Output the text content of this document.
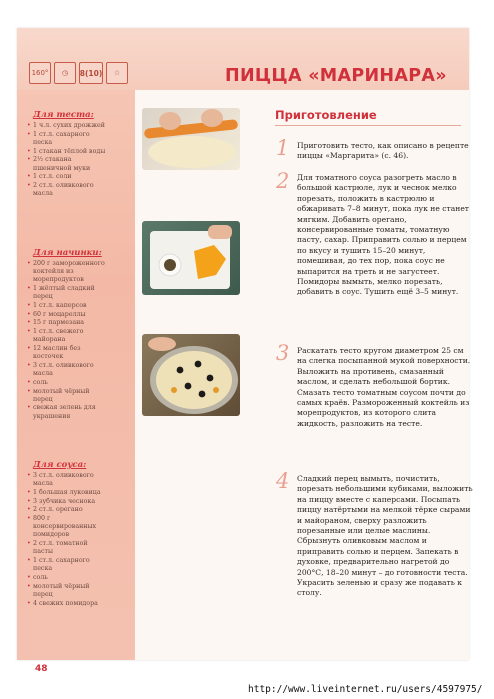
160°	◷	8(10)	☆	ПИЦЦА «МАРИНАРА»
Для теста:
• 1 ч.л. сухих дрожжей
• 1 ст.л. сахарного песка
• 1 стакан тёплой воды
• 2½ стакана пшеничной муки
• 1 ст.л. соли
• 2 ст.л. оливкового масла
Для начинки:
• 200 г замороженного коктейля из морепродуктов
• 1 жёлтый сладкий перец
• 1 ст.л. каперсов
• 60 г моцареллы
• 15 г пармезана
• 1 ст.л. свежего майорана
• 12 маслин без косточек
• 3 ст.л. оливкового масла
• соль
• молотый чёрный перец
• свежая зелень для украшения
Для соуса:
• 3 ст.л. оливкового масла
• 1 большая луковица
• 3 зубчика чеснока
• 2 ст.л. орегано
• 800 г консервированных помидоров
• 2 ст.л. томатной пасты
• 1 ст.л. сахарного песка
• соль
• молотый чёрный перец
• 4 свежих помидора
Приготовление
1 Приготовить тесто, как описано в рецепте пиццы «Маргарита» (с. 46).
2 Для томатного соуса разогреть масло в большой кастрюле, лук и чеснок мелко порезать, положить в кастрюлю и обжаривать 7–8 минут, пока лук не станет мягким. Добавить орегано, консервированные томаты, томатную пасту, сахар. Приправить солью и перцем по вкусу и тушить 15–20 минут, помешивая, до тех пор, пока соус не выпарится на треть и не загустеет. Помидоры вымыть, мелко порезать, добавить в соус. Тушить ещё 3–5 минут.
3 Раскатать тесто кругом диаметром 25 см на слегка посыпанной мукой поверхности. Выложить на противень, смазанный маслом, и сделать небольшой бортик. Смазать тесто томатным соусом почти до самых краёв. Размороженный коктейль из морепродуктов, из которого слита жидкость, разложить на тесте.
4 Сладкий перец вымыть, почистить, порезать небольшими кубиками, выложить на пиццу вместе с каперсами. Посыпать пиццу натёртыми на мелкой тёрке сырами и майораном, сверху разложить порезанные или целые маслины. Сбрызнуть оливковым маслом и приправить солью и перцем. Запекать в духовке, предварительно нагретой до 200°С, 18–20 минут – до готовности теста. Украсить зеленью и сразу же подавать к столу.
48
http://www.liveinternet.ru/users/4597975/
